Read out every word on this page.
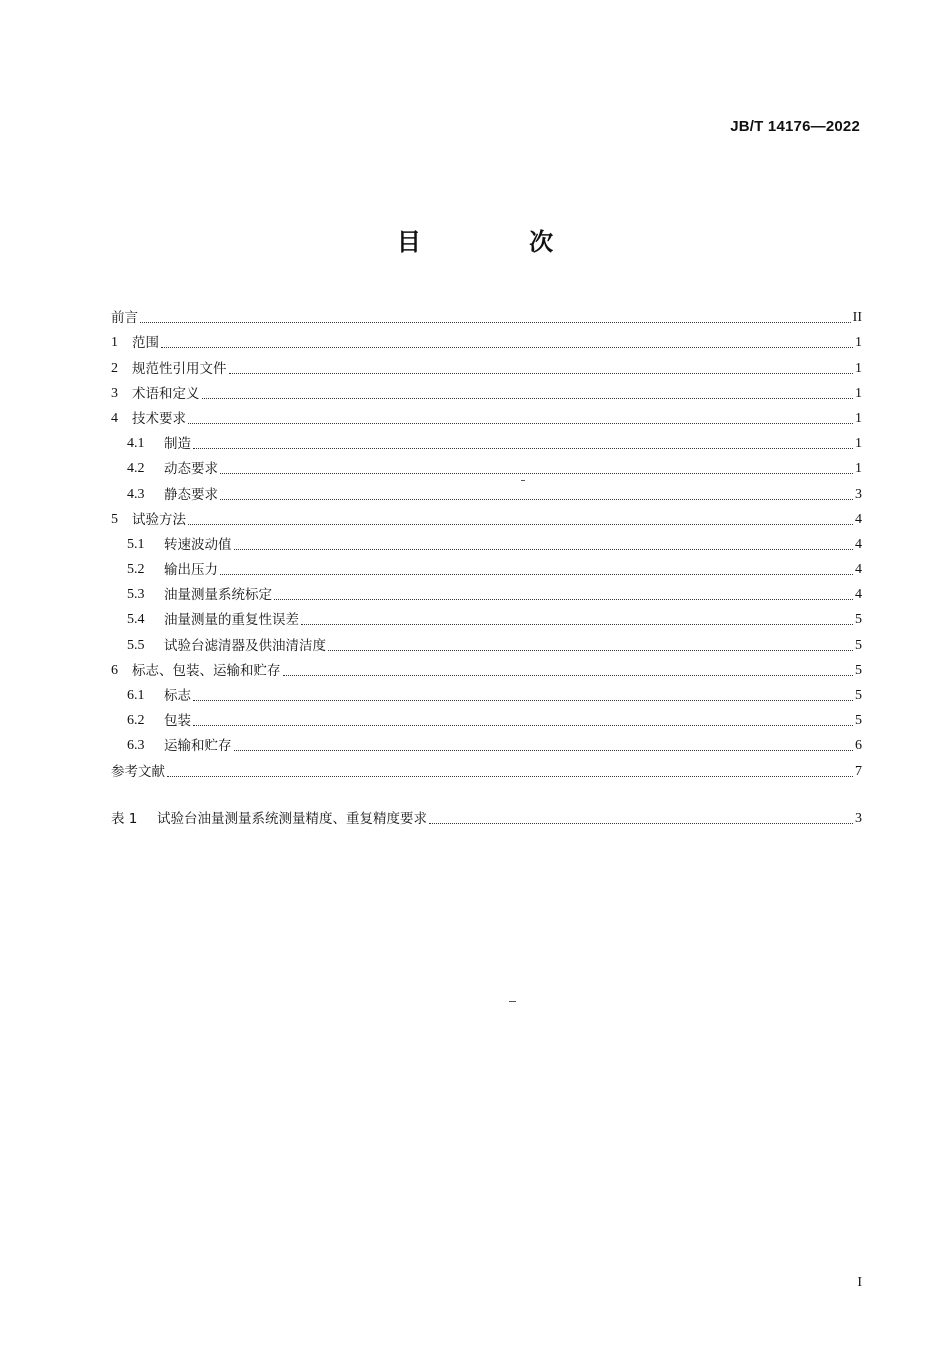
JB/T 14176—2022
目 次
前言	II
1	范围	1
2	规范性引用文件	1
3	术语和定义	1
4	技术要求	1
4.1	制造	1
4.2	动态要求	1
4.3	静态要求	3
5	试验方法	4
5.1	转速波动值	4
5.2	输出压力	4
5.3	油量测量系统标定	4
5.4	油量测量的重复性误差	5
5.5	试验台滤清器及供油清洁度	5
6	标志、包装、运输和贮存	5
6.1	标志	5
6.2	包装	5
6.3	运输和贮存	6
参考文献	7
表 1	试验台油量测量系统测量精度、重复精度要求	3
I
